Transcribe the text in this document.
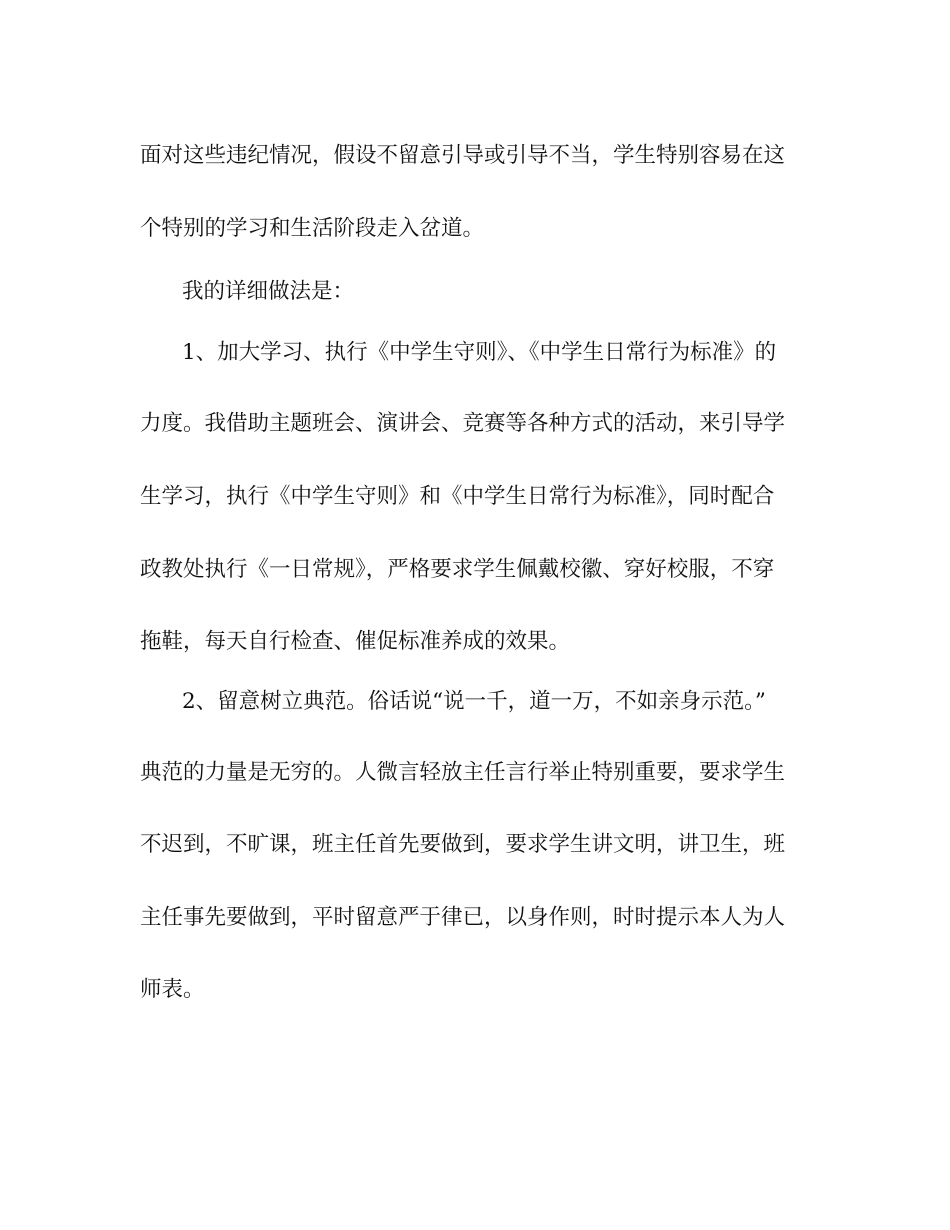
面对这些违纪情况，假设不留意引导或引导不当，学生特别容易在这

个特别的学习和生活阶段走入岔道。

我的详细做法是：

1、加大学习、执行《中学生守则》、《中学生日常行为标准》的

力度。我借助主题班会、演讲会、竞赛等各种方式的活动，来引导学

生学习，执行《中学生守则》和《中学生日常行为标准》，同时配合

政教处执行《一日常规》，严格要求学生佩戴校徽、穿好校服，不穿

拖鞋，每天自行检查、催促标准养成的效果。

2、留意树立典范。俗话说“说一千，道一万，不如亲身示范。”

典范的力量是无穷的。人微言轻放主任言行举止特别重要，要求学生

不迟到，不旷课，班主任首先要做到，要求学生讲文明，讲卫生，班

主任事先要做到，平时留意严于律已，以身作则，时时提示本人为人

师表。
